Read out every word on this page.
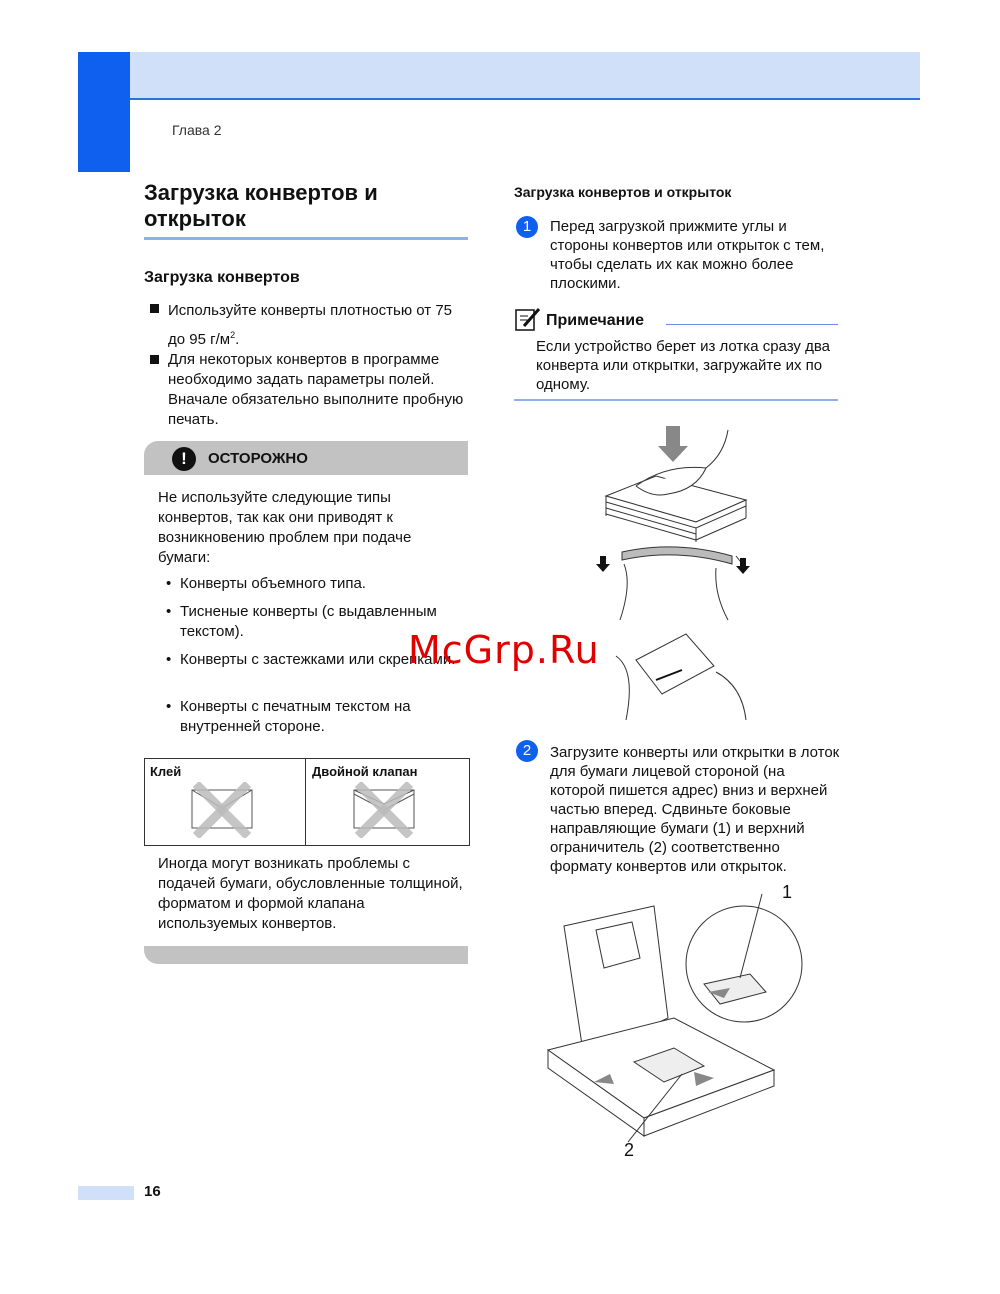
Глава 2
Загрузка конвертов и открыток
Загрузка конвертов
Используйте конверты плотностью от 75 до 95 $г/м^2$.
Для некоторых конвертов в программе необходимо задать параметры полей. Вначале обязательно выполните пробную печать.
!	ОСТОРОЖНО
Не используйте следующие типы конвертов, так как они приводят к возникновению проблем при подаче бумаги:
• Конверты объемного типа.
• Тисненые конверты (с выдавленным текстом).
• Конверты с застежками или скрепками.
• Конверты с печатным текстом на внутренней стороне.
Клей	Двойной клапан
Иногда могут возникать проблемы с подачей бумаги, обусловленные толщиной, форматом и формой клапана используемых конвертов.
Загрузка конвертов и открыток
1	Перед загрузкой прижмите углы и стороны конвертов или открыток с тем, чтобы сделать их как можно более плоскими.
Примечание
Если устройство берет из лотка сразу два конверта или открытки, загружайте их по одному.
McGrp.Ru
2	Загрузите конверты или открытки в лоток для бумаги лицевой стороной (на которой пишется адрес) вниз и верхней частью вперед. Сдвиньте боковые направляющие бумаги (1) и верхний ограничитель (2) соответственно формату конвертов или открыток.
1
2
16
